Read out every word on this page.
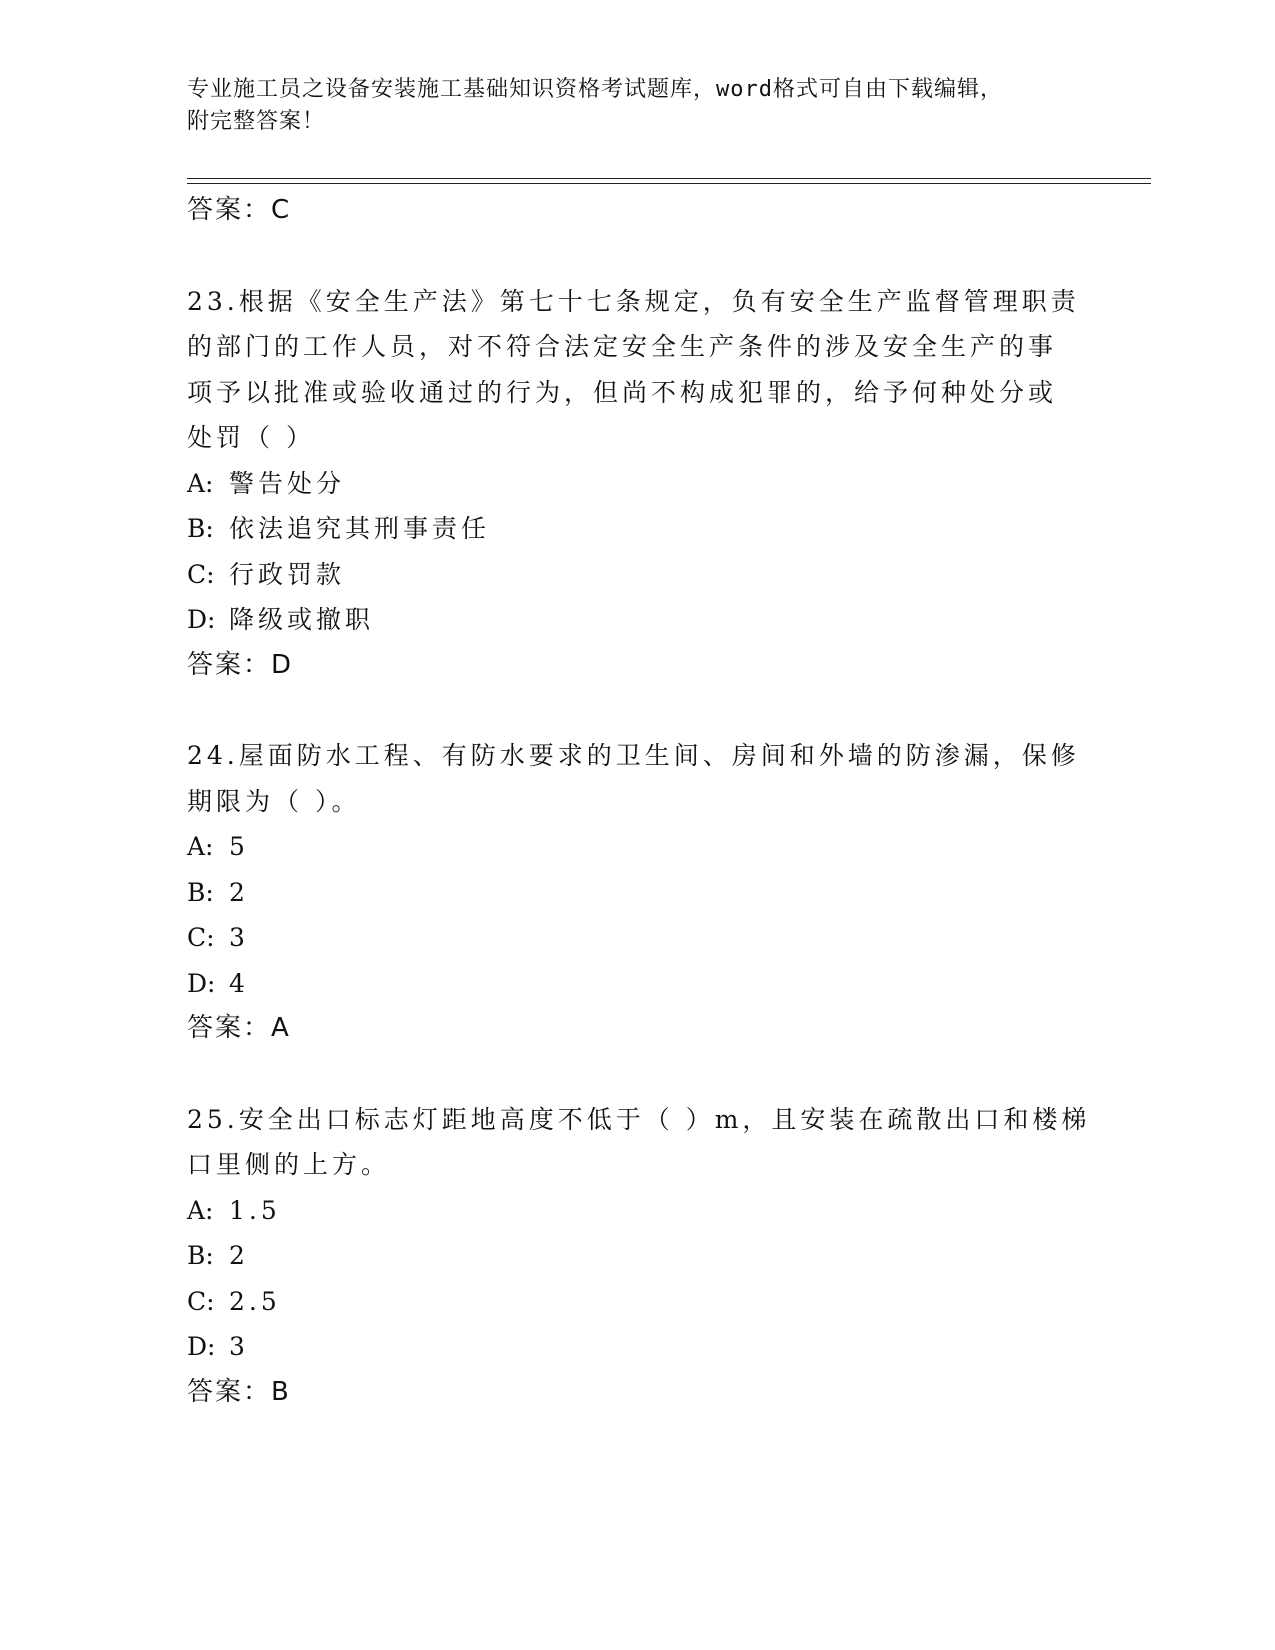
专业施工员之设备安装施工基础知识资格考试题库，word格式可自由下载编辑，
附完整答案！
答案：C
23.根据《安全生产法》第七十七条规定，负有安全生产监督管理职责
的部门的工作人员，对不符合法定安全生产条件的涉及安全生产的事
项予以批准或验收通过的行为，但尚不构成犯罪的，给予何种处分或
处罚（ ）
A: 警告处分
B: 依法追究其刑事责任
C: 行政罚款
D: 降级或撤职
答案：D
24.屋面防水工程、有防水要求的卫生间、房间和外墙的防渗漏，保修
期限为（ ）。
A: 5
B: 2
C: 3
D: 4
答案：A
25.安全出口标志灯距地高度不低于（ ）m，且安装在疏散出口和楼梯
口里侧的上方。
A: 1.5
B: 2
C: 2.5
D: 3
答案：B
